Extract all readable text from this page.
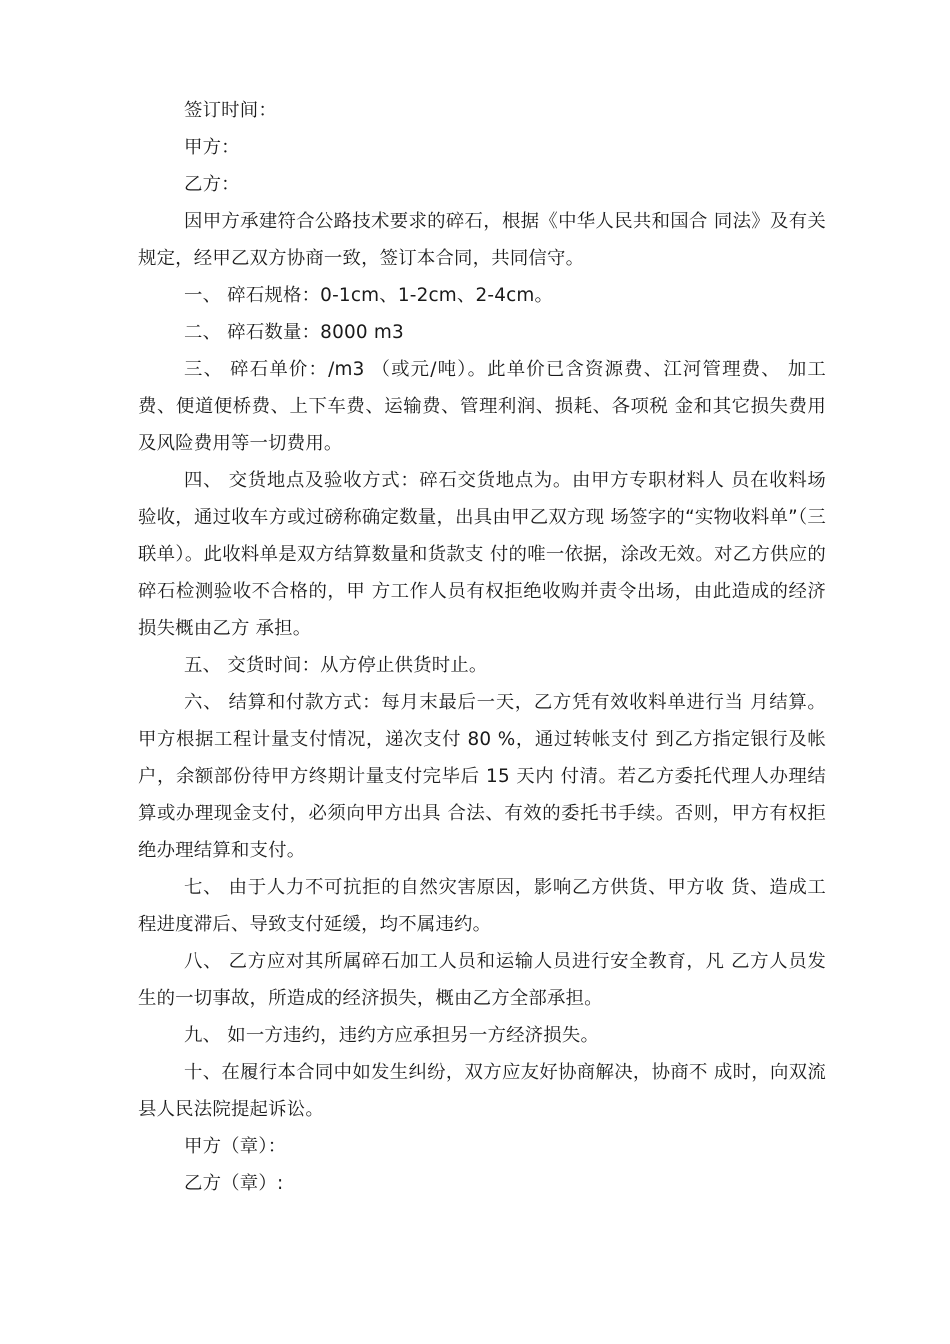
签订时间：

甲方：

乙方：

因甲方承建符合公路技术要求的碎石，根据《中华人民共和国合 同法》及有关规定，经甲乙双方协商一致，签订本合同，共同信守。

一、 碎石规格：0-1cm、1-2cm、2-4cm。

二、 碎石数量：8000 m3

三、 碎石单价：/m3 （或元/吨）。此单价已含资源费、江河管理费、 加工费、便道便桥费、上下车费、运输费、管理利润、损耗、各项税 金和其它损失费用及风险费用等一切费用。

四、 交货地点及验收方式：碎石交货地点为。由甲方专职材料人 员在收料场验收，通过收车方或过磅称确定数量，出具由甲乙双方现 场签字的“实物收料单”（三联单）。此收料单是双方结算数量和货款支 付的唯一依据，涂改无效。对乙方供应的碎石检测验收不合格的，甲 方工作人员有权拒绝收购并责令出场，由此造成的经济损失概由乙方 承担。

五、 交货时间：从方停止供货时止。

六、 结算和付款方式：每月末最后一天，乙方凭有效收料单进行当 月结算。甲方根据工程计量支付情况，递次支付 80 %，通过转帐支付 到乙方指定银行及帐户，余额部份待甲方终期计量支付完毕后 15 天内 付清。若乙方委托代理人办理结算或办理现金支付，必须向甲方出具 合法、有效的委托书手续。否则，甲方有权拒绝办理结算和支付。

七、 由于人力不可抗拒的自然灾害原因，影响乙方供货、甲方收 货、造成工程进度滞后、导致支付延缓，均不属违约。

八、 乙方应对其所属碎石加工人员和运输人员进行安全教育，凡 乙方人员发生的一切事故，所造成的经济损失，概由乙方全部承担。

九、 如一方违约，违约方应承担另一方经济损失。

十、在履行本合同中如发生纠纷，双方应友好协商解决，协商不 成时，向双流县人民法院提起诉讼。

甲方（章）：

乙方（章）:
